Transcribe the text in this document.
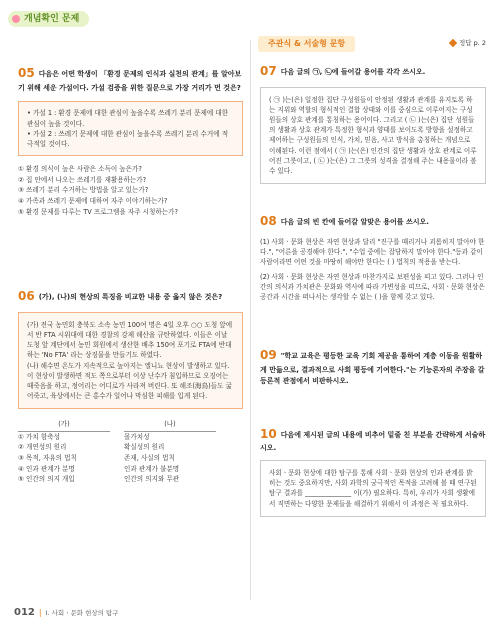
개념확인 문제
주관식 & 서술형 문항	정답 p. 2
05 다음은 어떤 학생이 「환경 문제의 인식과 실천의 관계」를 알아보기 위해 세운 가설이다. 가설 검증을 위한 질문으로 가장 거리가 먼 것은?

• 가설 1 : 환경 문제에 대한 관심이 높을수록 쓰레기 분리 문제에 대한 관심이 높을 것이다.

• 가설 2 : 쓰레기 문제에 대한 관심이 높을수록 쓰레기 분리 수거에 적극적일 것이다.

① 환경 의식이 높은 사람은 소득이 높은가?
② 집 안에서 나오는 쓰레기를 재활용하는가?
③ 쓰레기 분리 수거하는 방법을 알고 있는가?
④ 가족과 쓰레기 문제에 대하여 자주 이야기하는가?
⑤ 환경 문제를 다루는 TV 프로그램을 자주 시청하는가?
06 (가), (나)의 현상의 특징을 비교한 내용 중 옳지 않은 것은?

(가) 전국 농민회 충북도 소속 농민 100여 명은 4일 오후 ○○ 도청 앞에서 반 FTA 시위대에 대한 경찰의 강제 해산을 규탄하였다. 이들은 이날 도청 앞 계단에서 농민 회원에서 생산한 배추 150여 포기로 FTA에 반대하는 'No FTA' 라는 상징물을 만들기도 하였다.

(나) 해수면 온도가 지속적으로 높아지는 엘니뇨 현상이 발생하고 있다. 이 현상이 발생하면 적도 쪽으로부터 이상 난수가 침입하므로 오징어는 때죽음을 하고, 정어리는 어디로가 사라져 버린다. 또 해조(海鳥)들도 굶어죽고, 육상에서는 큰 홍수가 일어나 막심한 피해를 입게 된다.

(가)	(나)
① 가치 함축성	몰가치성
② 개연성의 원리	확실성의 원리
③ 목적, 자유의 법칙	존재, 사실의 법칙
④ 인과 관계가 분명	인과 관계가 불분명
⑤ 인간의 의지 개입	인간의 의지와 무관
07 다음 글의 ㉠, ㉡에 들어갈 용어를 각각 쓰시오.
( ㉠ )는(은) 일정한 집단 구성원들이 안정된 생활과 관계를 유지토록 하는 지위와 역할의 형식적인 결합 상태와 이를 중심으로 이루어지는 구성원들의 상호 관계를 통칭하는 용어이다. 그리고 ( ㉡ )는(은) 집단 성원들의 생활과 상호 관계가 특정한 형식과 양태를 보이도록 방향을 설정하고 제어하는 구성원들의 인식, 가치, 믿음, 사고 방식을 총칭하는 개념으로 이해된다. 이런 점에서 ( ㉠ )는(은) 인간의 집단 생활과 상호 관계로 이루어진 그릇이고, ( ㉡ )는(은) 그 그릇의 성격을 결정해 주는 내용물이라 볼 수 있다.
08 다음 글의 빈 칸에 들어갈 알맞은 용어를 쓰시오.

(1) 사회ㆍ문화 현상은 자연 현상과 달리 "진구를 때리거나 괴롭히지 말아야 한다.", "어른을 공경해야 한다.", "수업 중에는 잡담하지 말아야 한다."등과 같이 사람이라면 어떤 것을 마땅히 해야만 한다는 ( ) 법칙의 적용을 받는다.

(2) 사회ㆍ문화 현상은 자연 현상과 마찬가지로 보편성을 띠고 있다. 그러나 인간의 의식과 가치관은 문화와 역사에 따라 가변성을 띠므로, 사회ㆍ문화 현상은 공간과 시간을 떠나서는 생각할 수 없는 ( )을 함께 갖고 있다.

09 "학교 교육은 평등한 교육 기회 제공을 통하여 계층 이동을 원활하게 만듦으로, 결과적으로 사회 평등에 기여한다."는 기능론자의 주장을 갈등론적 관점에서 비판하시오.
10 다음에 제시된 글의 내용에 비추어 밑줄 친 부분을 간략하게 서술하시오.
사회ㆍ문화 현상에 대한 탐구를 통해 사회ㆍ문화 현상의 인과 관계를 밝히는 것도 중요하지만, 사회 과학의 궁극적인 목적을 고려해 볼 때 연구된 탐구 결과를 ______________ 이(가) 필요하다. 특히, 우리가 사회 생활에서 직면하는 다양한 문제들을 해결하기 위해서 이 과정은 꼭 필요하다.
012 | Ⅰ. 사회ㆍ문화 현상의 탐구
